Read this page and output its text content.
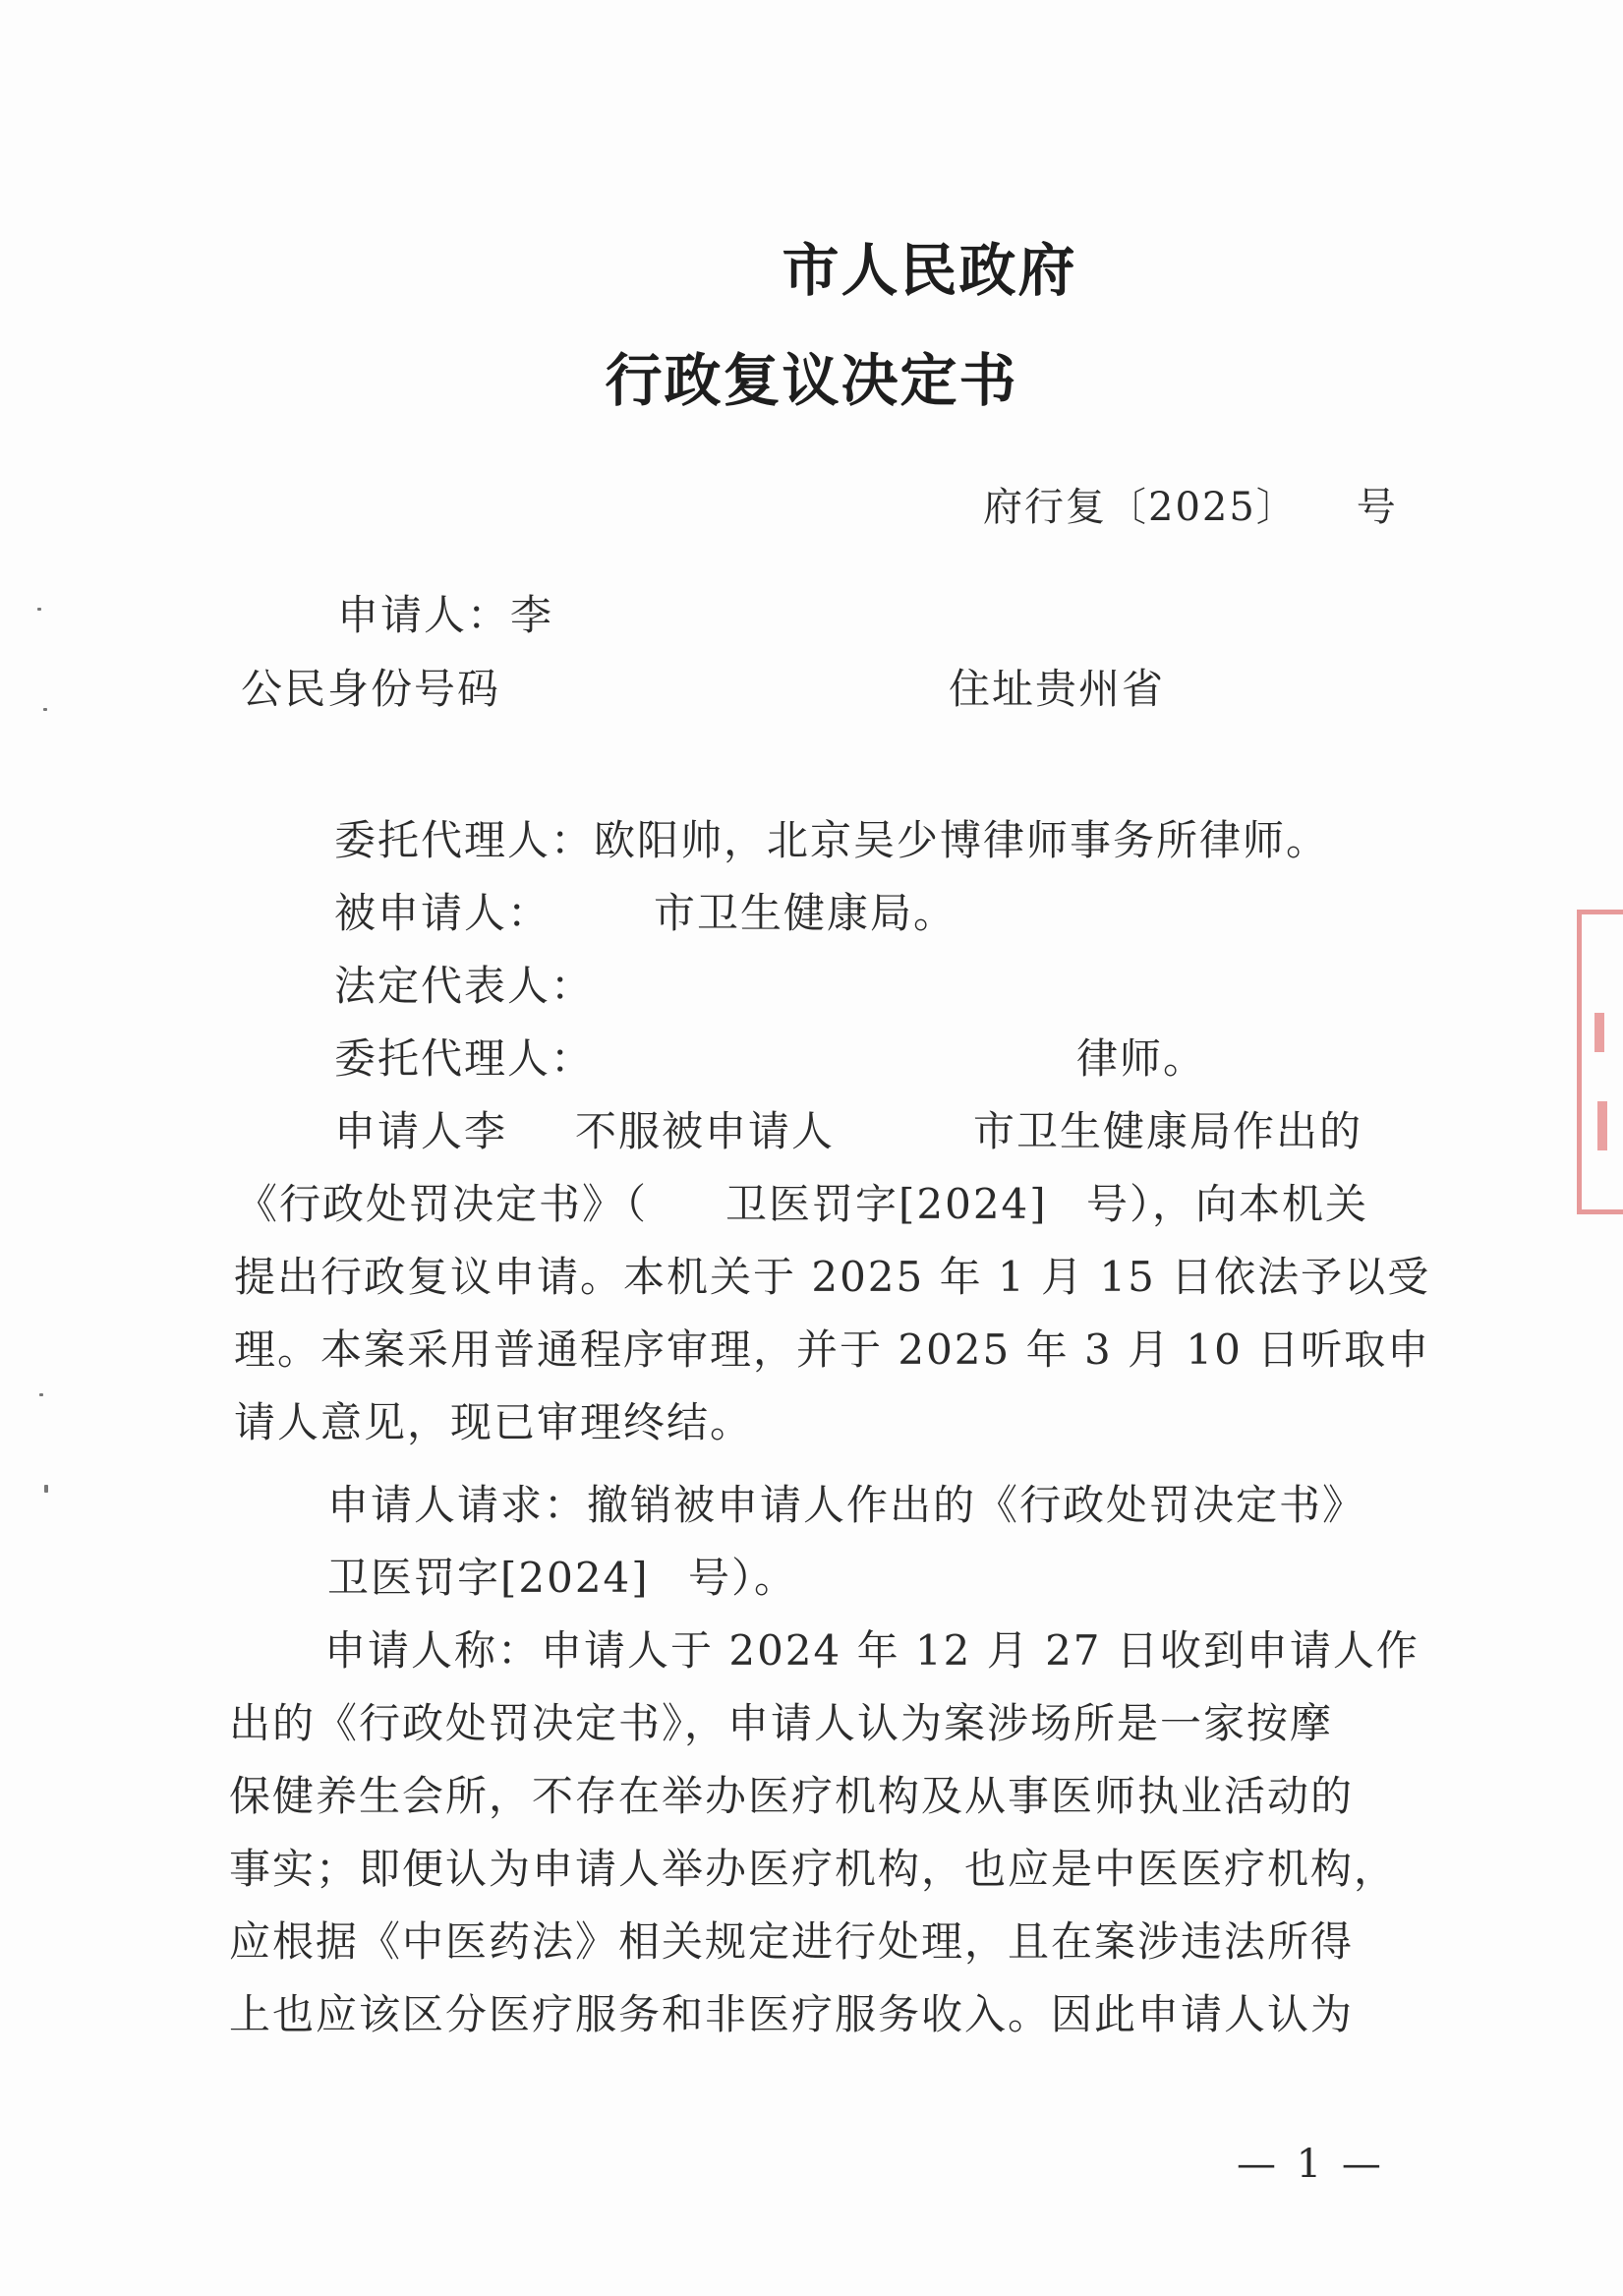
市人民政府
行政复议决定书
府行复〔2025〕 号
申请人：李
公民身份号码	住址贵州省
委托代理人：欧阳帅，北京吴少博律师事务所律师。
被申请人： 市卫生健康局。
法定代表人：
委托代理人：	律师。
申请人李 不服被申请人	市卫生健康局作出的
《行政处罚决定书》（ 卫医罚字[2024] 号），向本机关
提出行政复议申请。本机关于 2025 年 1 月 15 日依法予以受
理。本案采用普通程序审理，并于 2025 年 3 月 10 日听取申
请人意见，现已审理终结。
申请人请求：撤销被申请人作出的《行政处罚决定书》
卫医罚字[2024] 号）。
申请人称：申请人于 2024 年 12 月 27 日收到申请人作
出的《行政处罚决定书》，申请人认为案涉场所是一家按摩
保健养生会所，不存在举办医疗机构及从事医师执业活动的
事实；即便认为申请人举办医疗机构，也应是中医医疗机构，
应根据《中医药法》相关规定进行处理，且在案涉违法所得
上也应该区分医疗服务和非医疗服务收入。因此申请人认为
— 1 —
